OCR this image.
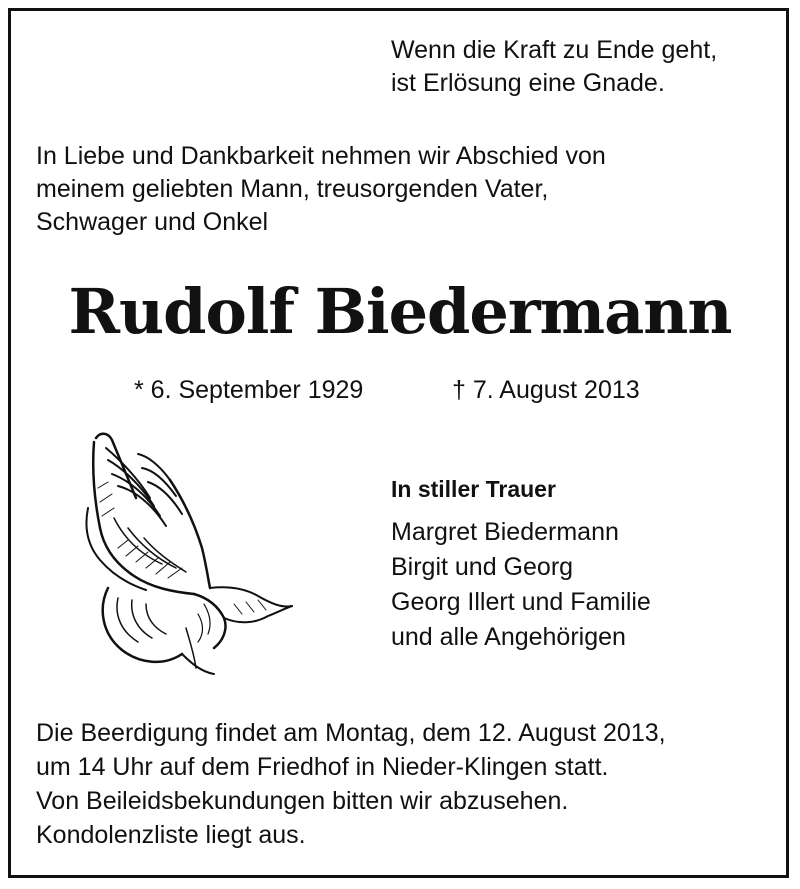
Wenn die Kraft zu Ende geht,
ist Erlösung eine Gnade.
In Liebe und Dankbarkeit nehmen wir Abschied von
meinem geliebten Mann, treusorgenden Vater,
Schwager und Onkel
Rudolf Biedermann
* 6. September 1929	† 7. August 2013
In stiller Trauer
Margret Biedermann
Birgit und Georg
Georg Illert und Familie
und alle Angehörigen
Die Beerdigung findet am Montag, dem 12. August 2013,
um 14 Uhr auf dem Friedhof in Nieder-Klingen statt.
Von Beileidsbekundungen bitten wir abzusehen.
Kondolenzliste liegt aus.
